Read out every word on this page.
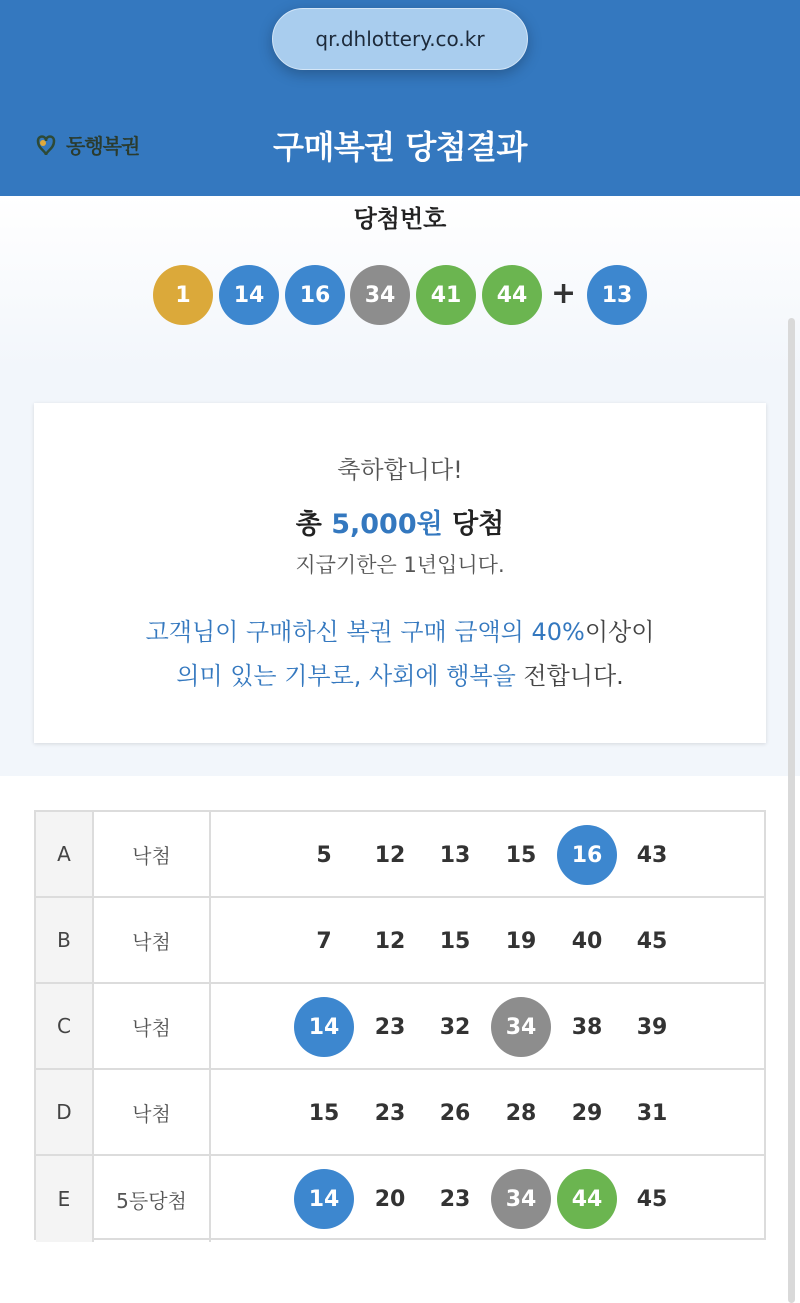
qr.dhlottery.co.kr
동행복권	구매복권 당첨결과
당첨번호
1	14	16	34	41	44 +	13
축하합니다!
총 5,000원 당첨
지급기한은 1년입니다.
고객님이 구매하신 복권 구매 금액의 40%이상이
의미 있는 기부로, 사회에 행복을 전합니다.
A	낙첨	5	12	13	15	16	43
B	낙첨	7	12	15	19	40	45
C	낙첨	14	23	32	34	38	39
D	낙첨	15	23	26	28	29	31
E	5등당첨	14	20	23	34	44	45
